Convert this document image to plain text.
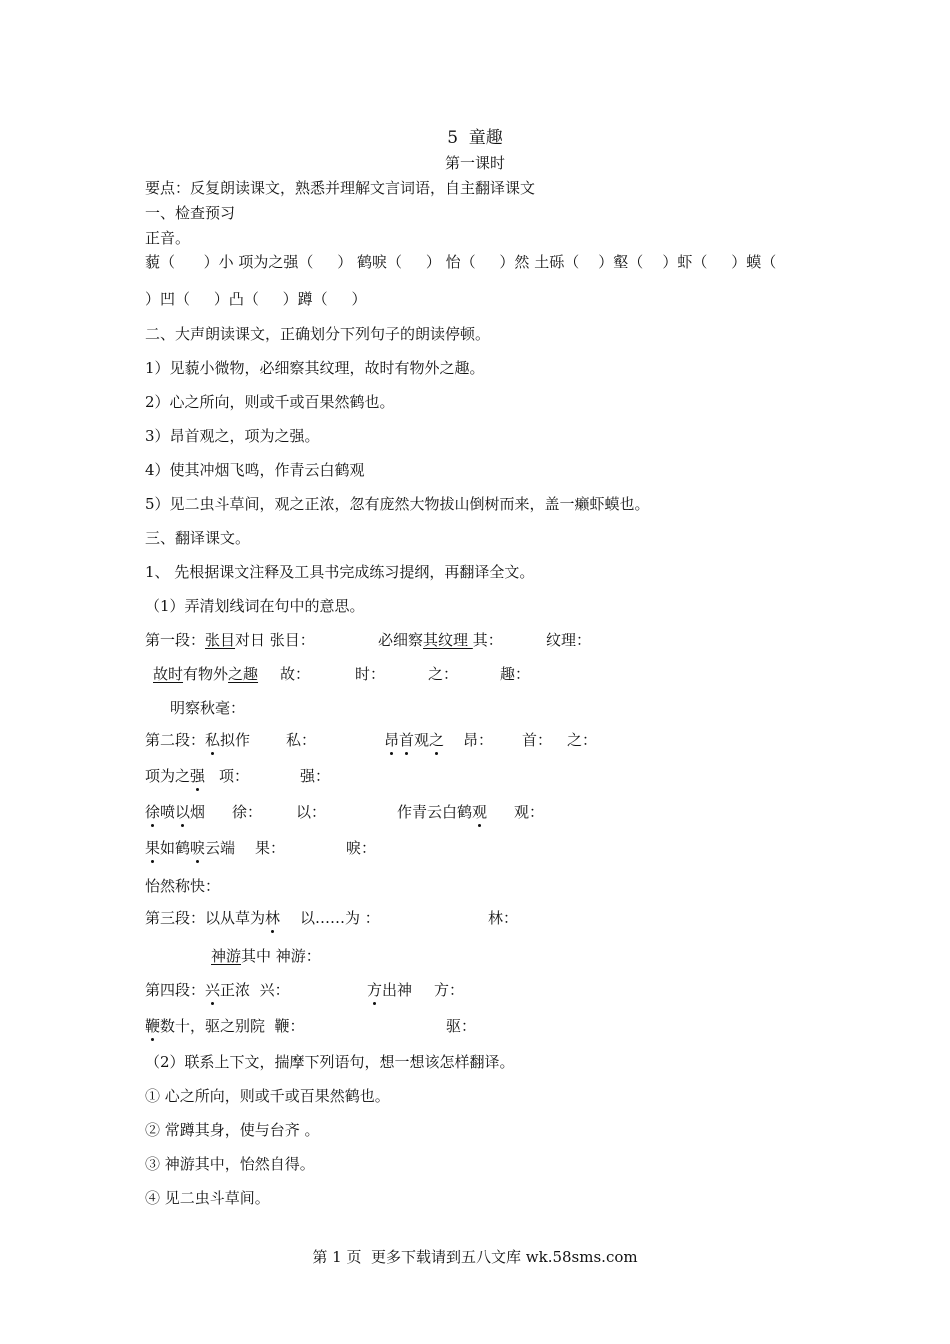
5  童趣
第一课时
要点：反复朗读课文，熟悉并理解文言词语，自主翻译课文
一、检查预习
正音。
藐（      ）小 项为之强（     ） 鹤唳（     ） 怡（     ）然 土砾（    ）壑（    ）虾（     ）蟆（
）凹（     ）凸（     ）蹲（     ）
二、大声朗读课文，正确划分下列句子的朗读停顿。
1）见藐小微物，必细察其纹理，故时有物外之趣。
2）心之所向，则或千或百果然鹤也。
3）昂首观之，项为之强。
4）使其冲烟飞鸣，作青云白鹤观
5）见二虫斗草间，观之正浓，忽有庞然大物拔山倒树而来，盖一癞虾蟆也。
三、翻译课文。
1、 先根据课文注释及工具书完成练习提纲，再翻译全文。
（1）弄清划线词在句中的意思。
第一段：张目对日 张目：	必细察其纹理 其：	纹理：
故时有物外之趣 故：	时：	之：	趣：
明察秋毫：
第二段：私拟作 私：	昂首观之 昂： 首： 之：
项为之强 项：	强：
徐喷以烟 徐： 以：	作青云白鹤观 观：
果如鹤唳云端 果：	唳：
怡然称快：
第三段：以从草为林 以……为 ：	林：
神游其中 神游：
第四段：兴正浓  兴：	方出神 方：
鞭数十，驱之别院  鞭：	驱：
（2）联系上下文，揣摩下列语句，想一想该怎样翻译。
① 心之所向，则或千或百果然鹤也。
② 常蹲其身，使与台齐 。
③ 神游其中，怡然自得。
④ 见二虫斗草间。
第 1 页  更多下载请到五八文库 wk.58sms.com
